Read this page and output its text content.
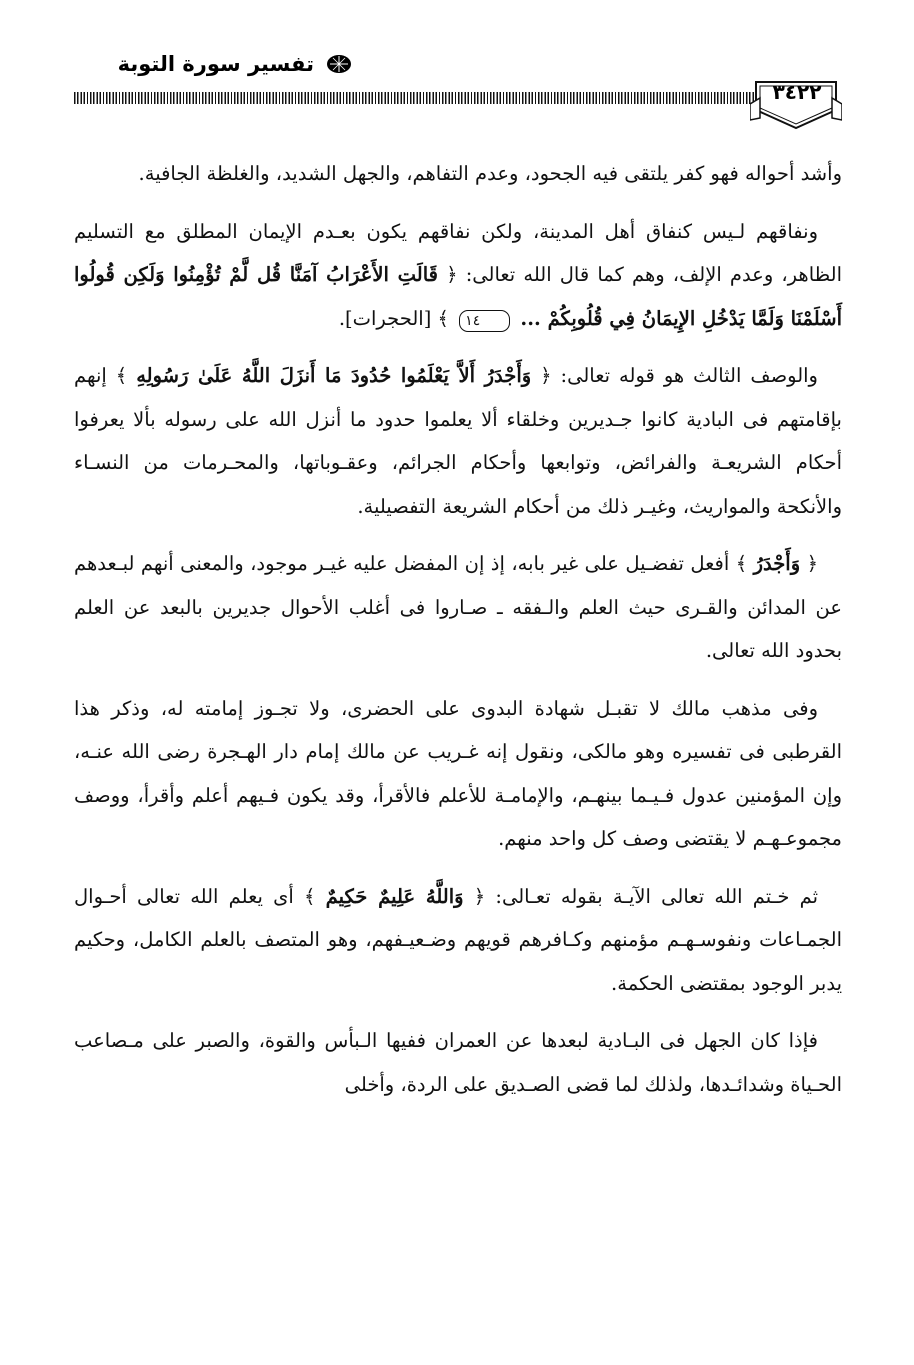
تفسير سورة التوبة
٣٤٢٢

وأشد أحواله فهو كفر يلتقى فيه الجحود، وعدم التفاهم، والجهل الشديد، والغلظة الجافية.

ونفاقهم لـيس كنفاق أهل المدينة، ولكن نفاقهم يكون بعـدم الإيمان المطلق مع التسليم الظاهر، وعدم الإلف، وهم كما قال الله تعالى: ﴿ قَالَتِ الأَعْرَابُ آمَنَّا قُل لَّمْ تُؤْمِنُوا وَلَكِن قُولُوا أَسْلَمْنَا وَلَمَّا يَدْخُلِ الإِيمَانُ فِي قُلُوبِكُمْ ... ١٤ ﴾ [الحجرات].

والوصف الثالث هو قوله تعالى: ﴿ وَأَجْدَرُ أَلاَّ يَعْلَمُوا حُدُودَ مَا أَنزَلَ اللَّهُ عَلَىٰ رَسُولِهِ ﴾ إنهم بإقامتهم فى البادية كانوا جـديرين وخلقاء ألا يعلموا حدود ما أنزل الله على رسوله بألا يعرفوا أحكام الشريعـة والفرائض، وتوابعها وأحكام الجرائم، وعقـوباتها، والمحـرمات من النسـاء والأنكحة والمواريث، وغيـر ذلك من أحكام الشريعة التفصيلية.

﴿ وَأَجْدَرُ ﴾ أفعل تفضـيل على غير بابه، إذ إن المفضل عليه غيـر موجود، والمعنى أنهم لبـعدهم عن المدائن والقـرى حيث العلم والـفقه ـ صـاروا فى أغلب الأحوال جديرين بالبعد عن العلم بحدود الله تعالى.

وفى مذهب مالك لا تقبـل شهادة البدوى على الحضرى، ولا تجـوز إمامته له، وذكر هذا القرطبى فى تفسيره وهو مالكى، ونقول إنه غـريب عن مالك إمام دار الهـجرة رضى الله عنـه، وإن المؤمنين عدول فـيـما بينهـم، والإمامـة للأعلم فالأقرأ، وقد يكون فـيهم أعلم وأقرأ، ووصف مجموعـهـم لا يقتضى وصف كل واحد منهم.

ثم خـتم الله تعالى الآيـة بقوله تعـالى: ﴿ وَاللَّهُ عَلِيمٌ حَكِيمٌ ﴾ أى يعلم الله تعالى أحـوال الجمـاعات ونفوسـهـم مؤمنهم وكـافرهم قويهم وضـعيـفهم، وهو المتصف بالعلم الكامل، وحكيم يدبر الوجود بمقتضى الحكمة.

فإذا كان الجهل فى البـادية لبعدها عن العمران ففيها الـبأس والقوة، والصبر على مـصاعب الحـياة وشدائـدها، ولذلك لما قضى الصـديق على الردة، وأخلى
